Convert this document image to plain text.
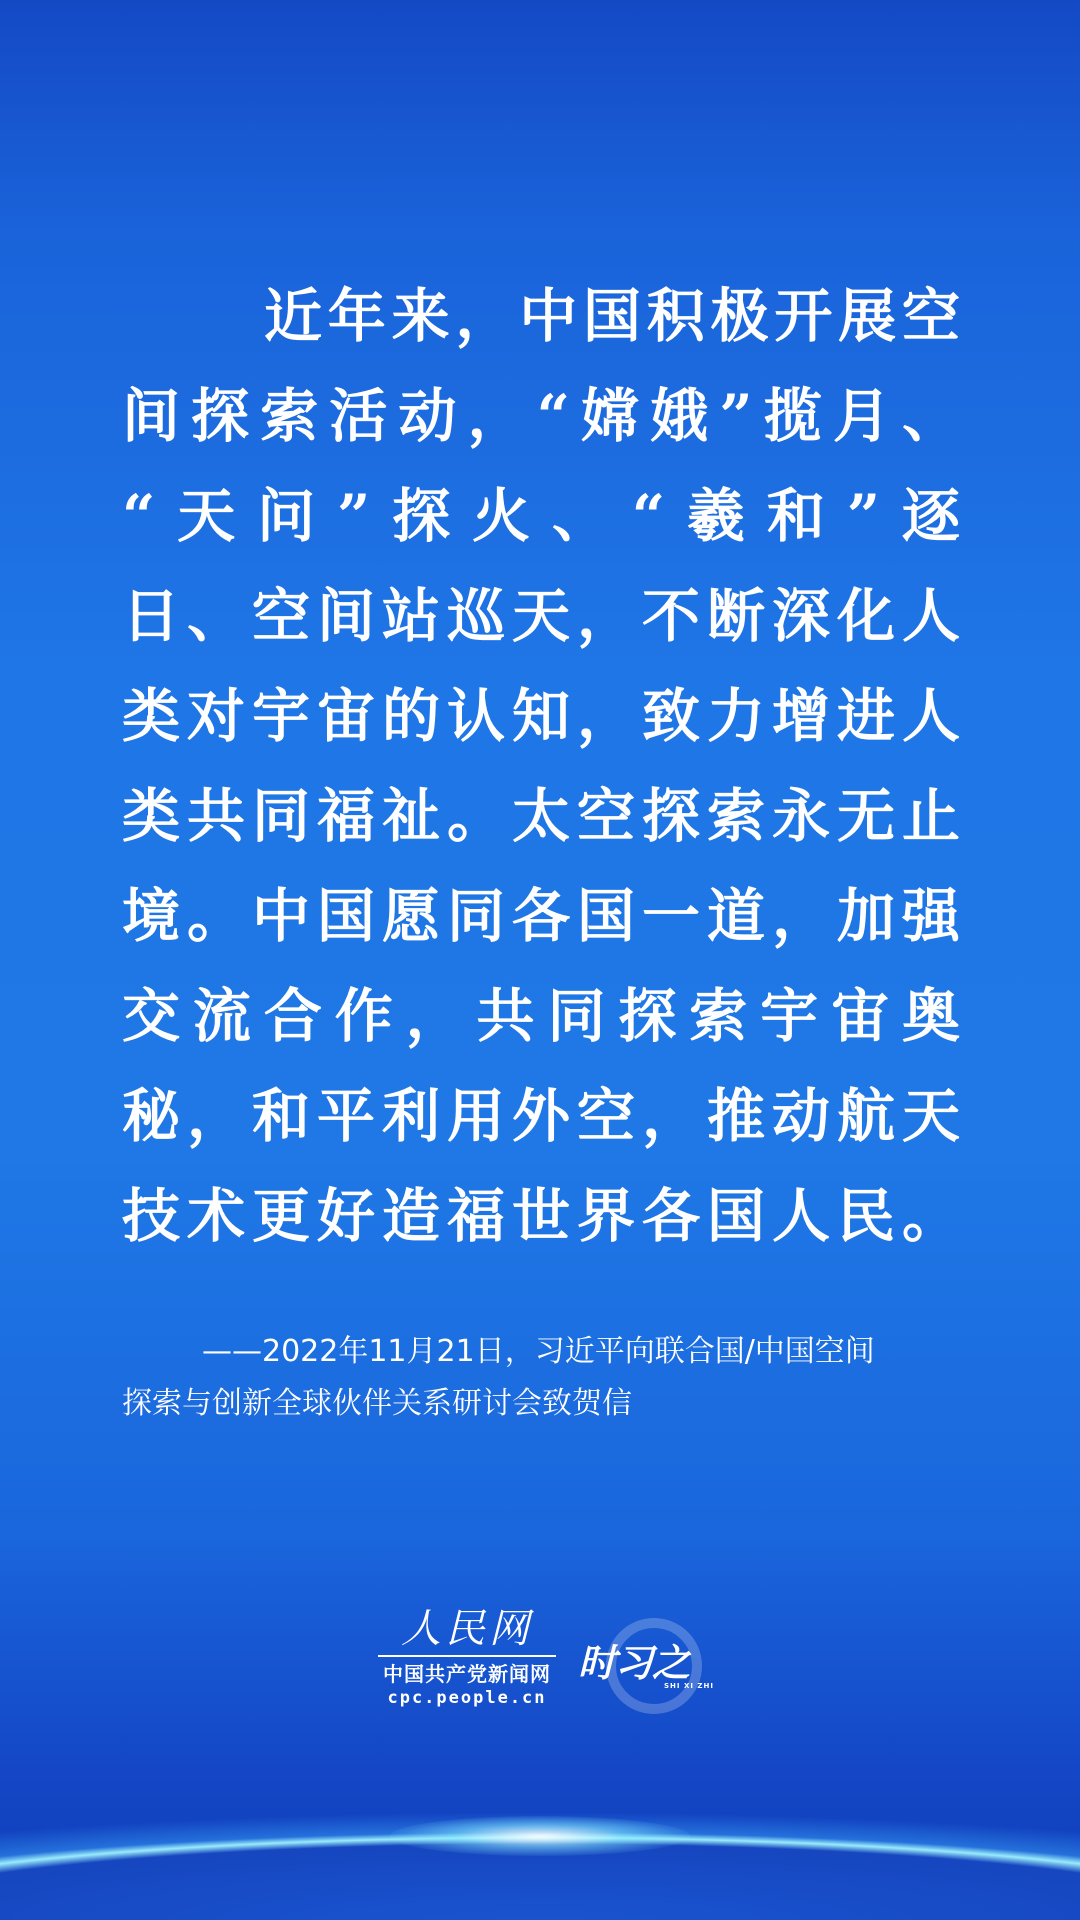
近年来，中国积极开展空
间探索活动，“嫦娥”揽月、
“天问”探火、“羲和”逐
日、空间站巡天，不断深化人
类对宇宙的认知，致力增进人
类共同福祉。太空探索永无止
境。中国愿同各国一道，加强
交流合作，共同探索宇宙奥
秘，和平利用外空，推动航天
技术更好造福世界各国人民。
——2022年11月21日，习近平向联合国/中国空间
探索与创新全球伙伴关系研讨会致贺信
人民网
中国共产党新闻网
cpc.people.cn
时习之
SHI XI ZHI
